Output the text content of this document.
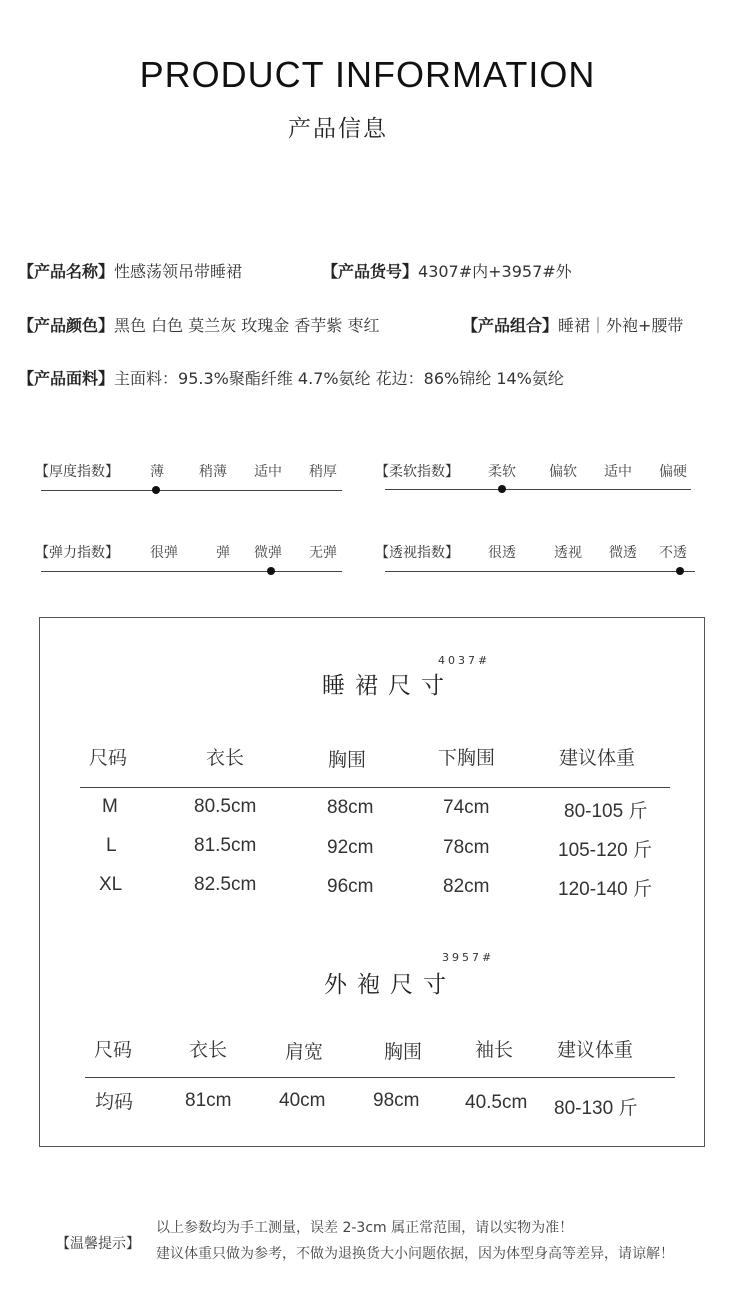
PRODUCT INFORMATION
产品信息
【产品名称】性感荡领吊带睡裙	【产品货号】4307#内+3957#外
【产品颜色】黑色 白色 莫兰灰 玫瑰金 香芋紫 枣红	【产品组合】睡裙｜外袍+腰带
【产品面料】主面料：95.3%聚酯纤维 4.7%氨纶 花边：86%锦纶 14%氨纶
【厚度指数】 薄	稍薄 适中 稍厚	【柔软指数】 柔软 偏软 适中 偏硬
【弹力指数】 很弹	弹 微弹 无弹	【透视指数】 很透	透视 微透 不透
4037#
睡裙尺寸
尺码	衣长	胸围	下胸围	建议体重
M	80.5cm	88cm	74cm	80-105 斤
L	81.5cm	92cm	78cm	105-120 斤
XL	82.5cm	96cm	82cm	120-140 斤
3957#
外袍尺寸
尺码	衣长	肩宽	胸围	袖长 建议体重
均码	81cm	40cm	98cm 40.5cm 80-130 斤
【温馨提示】
以上参数均为手工测量，误差 2-3cm 属正常范围，请以实物为准！
建议体重只做为参考，不做为退换货大小问题依据，因为体型身高等差异，请谅解！
